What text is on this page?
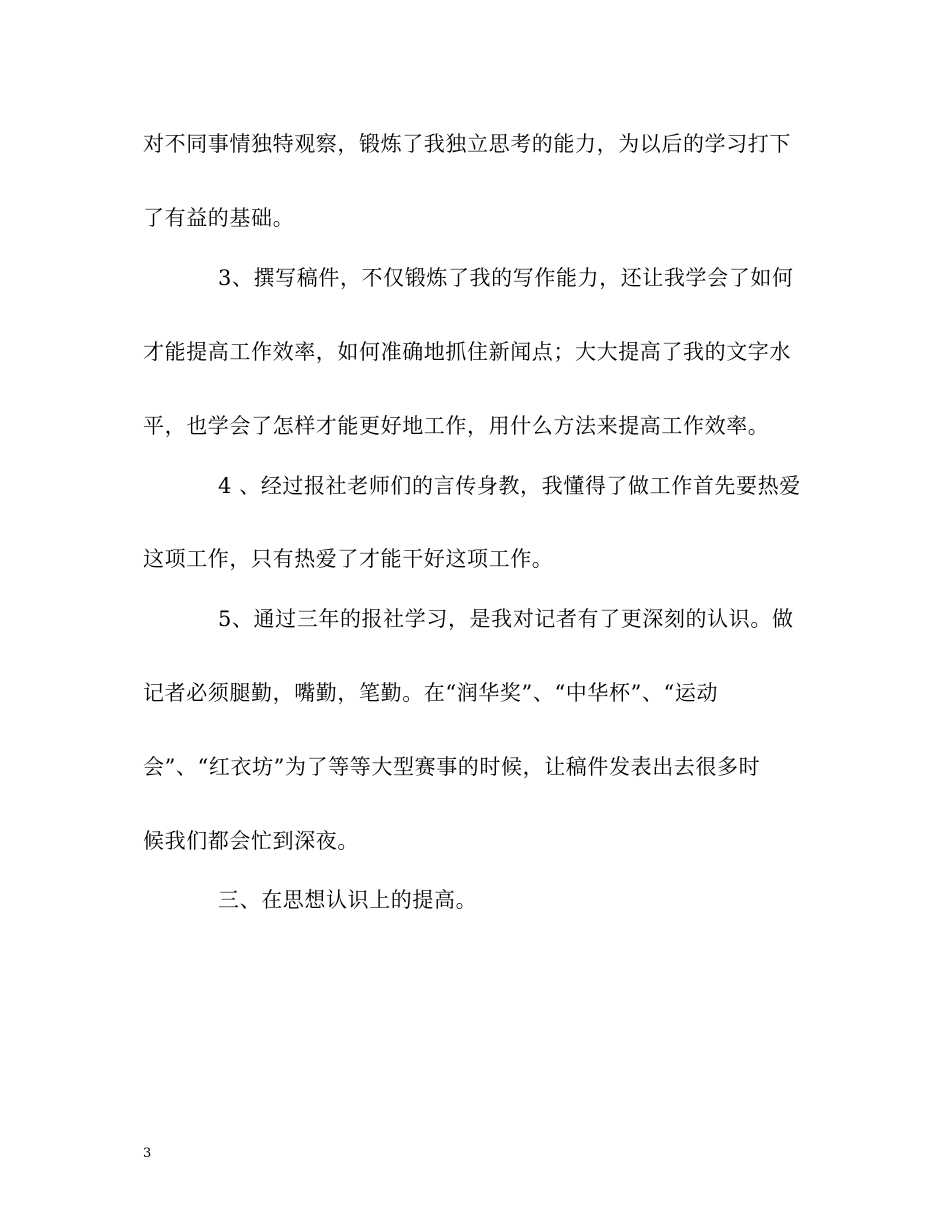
对不同事情独特观察，锻炼了我独立思考的能力，为以后的学习打下
了有益的基础。
3、撰写稿件，不仅锻炼了我的写作能力，还让我学会了如何
才能提高工作效率，如何准确地抓住新闻点；大大提高了我的文字水
平，也学会了怎样才能更好地工作，用什么方法来提高工作效率。
4 、经过报社老师们的言传身教，我懂得了做工作首先要热爱
这项工作，只有热爱了才能干好这项工作。
5、通过三年的报社学习，是我对记者有了更深刻的认识。做
记者必须腿勤，嘴勤，笔勤。在“润华奖”、“中华杯”、“运动
会”、“红衣坊”为了等等大型赛事的时候，让稿件发表出去很多时
候我们都会忙到深夜。
三、在思想认识上的提高。
3
